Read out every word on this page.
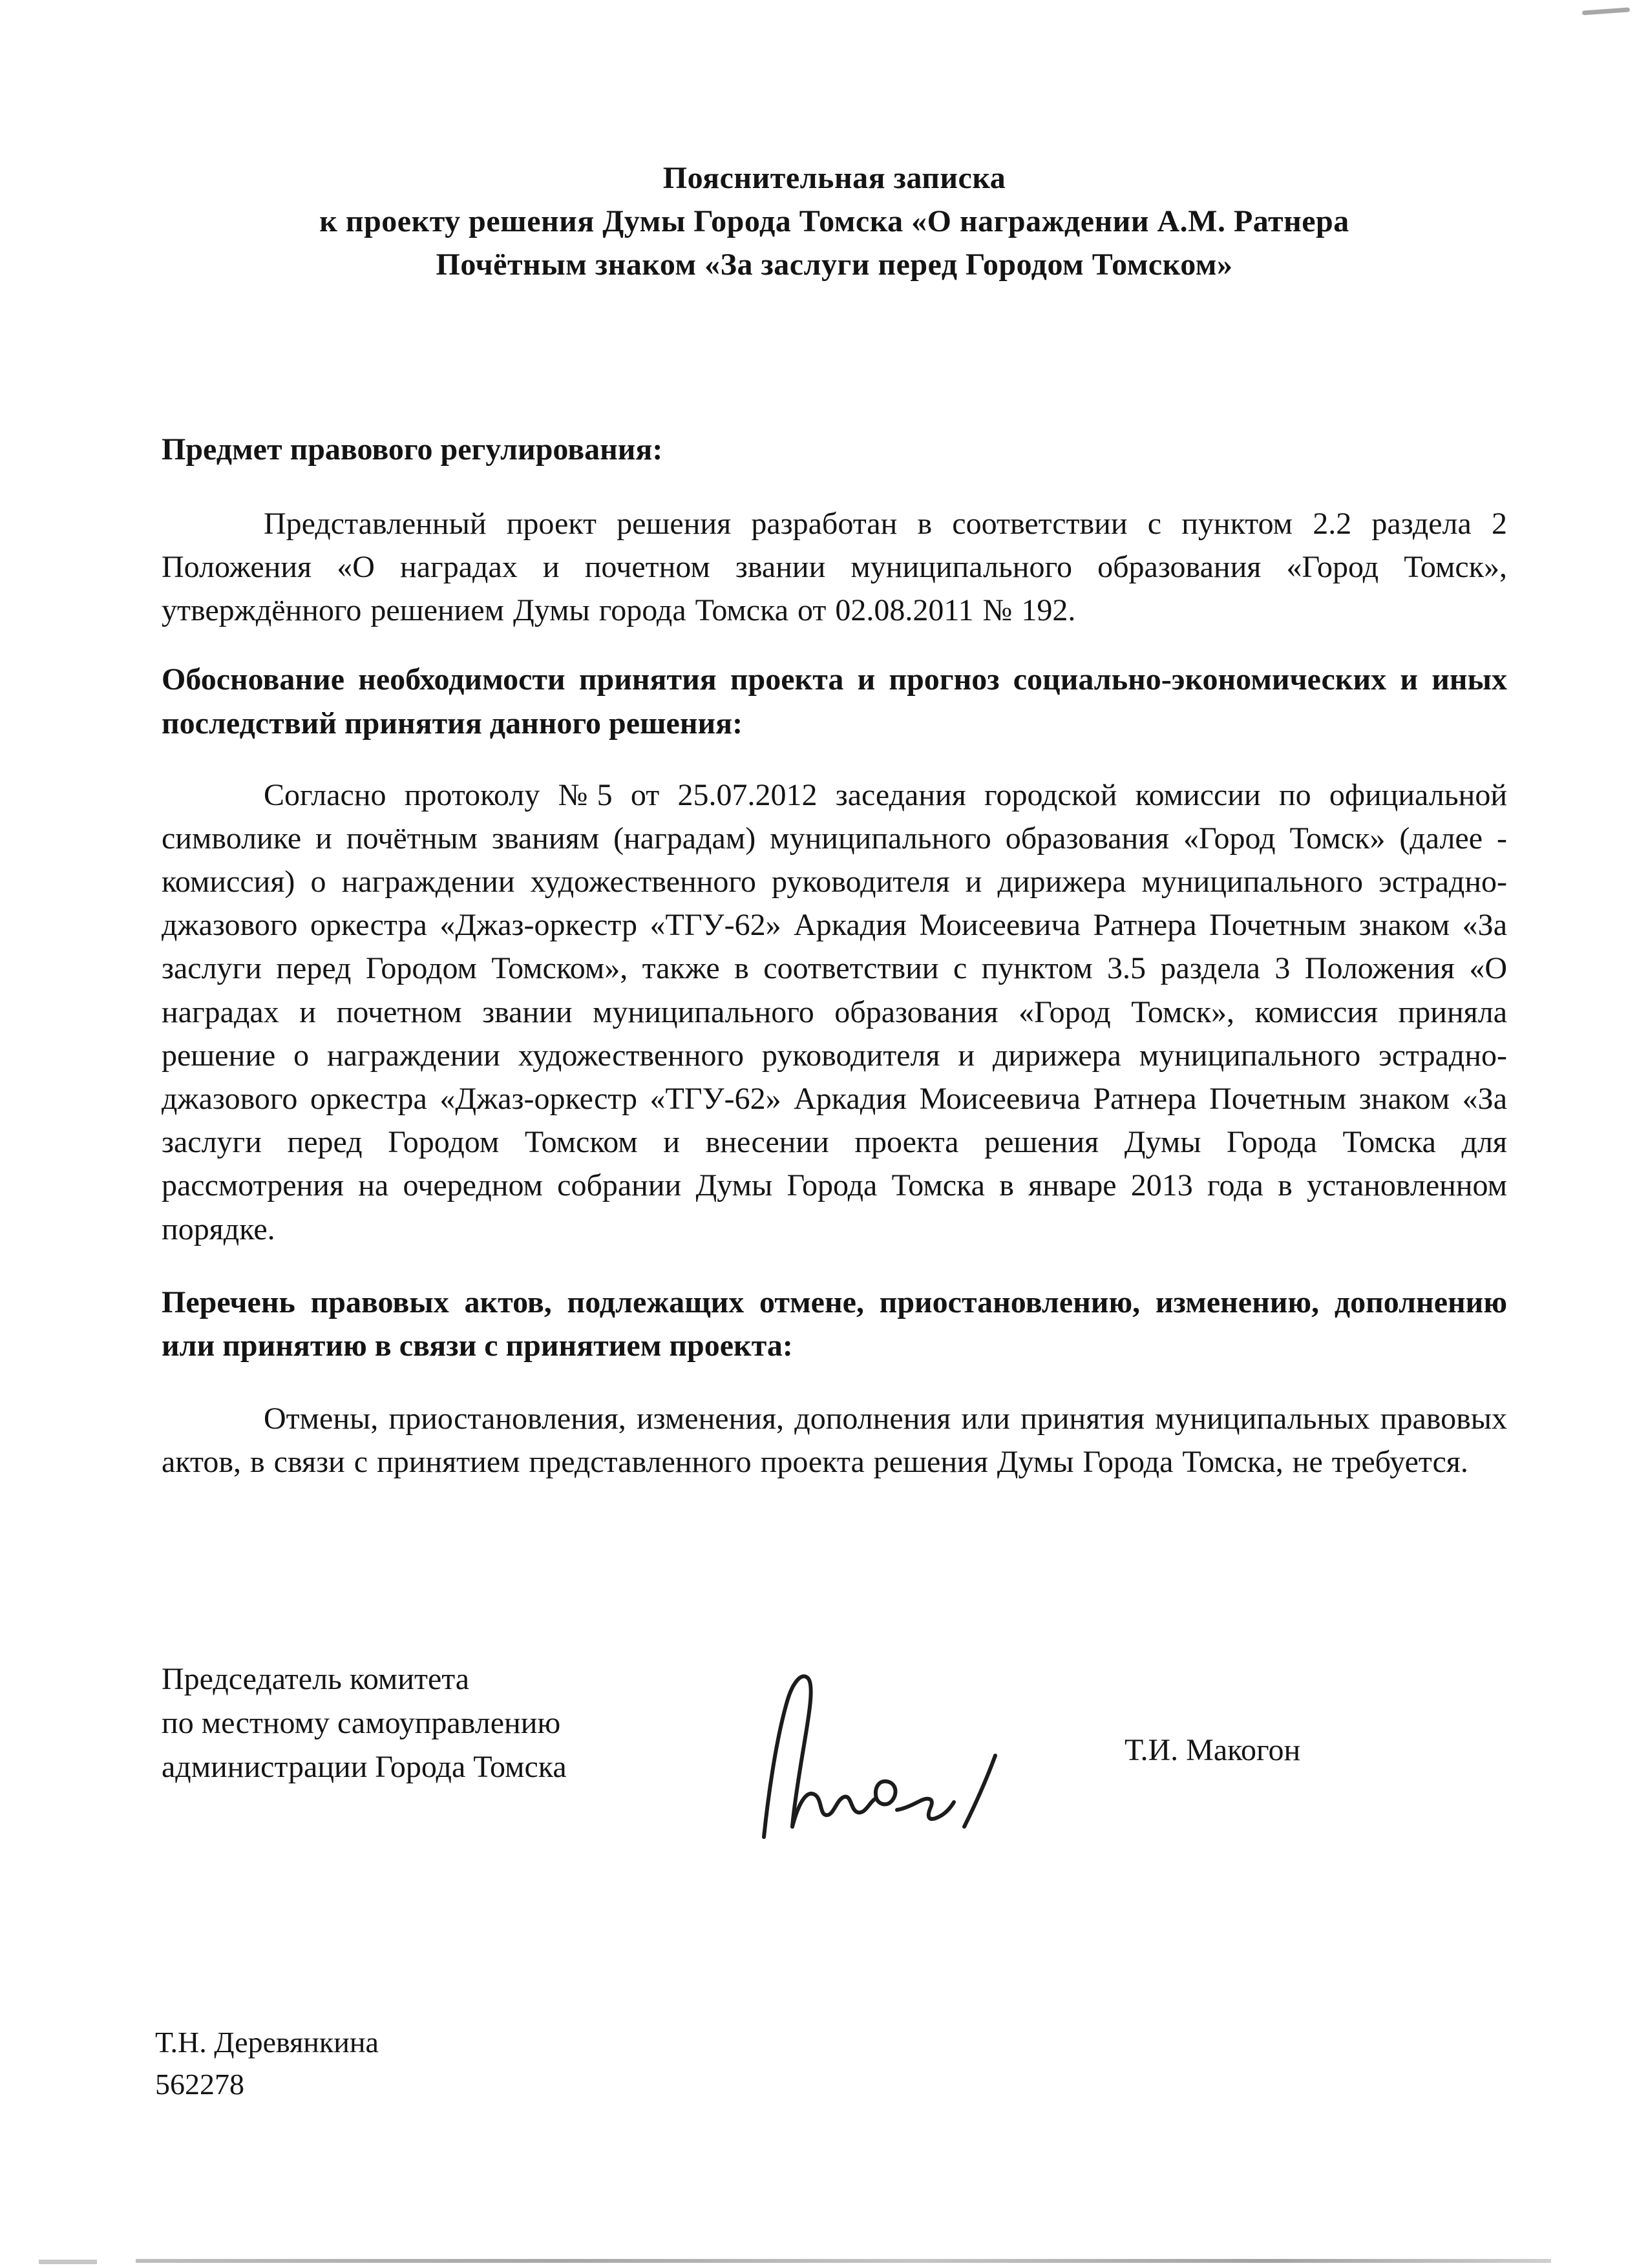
Пояснительная записка
к проекту решения Думы Города Томска «О награждении А.М. Ратнера
Почётным знаком «За заслуги перед Городом Томском»
Предмет правового регулирования:

Представленный проект решения разработан в соответствии с пунктом 2.2 раздела 2 Положения «О наградах и почетном звании муниципального образования «Город Томск», утверждённого решением Думы города Томска от 02.08.2011 № 192.

Обоснование необходимости принятия проекта и прогноз социально-экономических и иных последствий принятия данного решения:

Согласно протоколу №5 от 25.07.2012 заседания городской комиссии по официальной символике и почётным званиям (наградам) муниципального образования «Город Томск» (далее - комиссия) о награждении художественного руководителя и дирижера муниципального эстрадно-джазового оркестра «Джаз-оркестр «ТГУ-62» Аркадия Моисеевича Ратнера Почетным знаком «За заслуги перед Городом Томском», также в соответствии с пунктом 3.5 раздела 3 Положения «О наградах и почетном звании муниципального образования «Город Томск», комиссия приняла решение о награждении художественного руководителя и дирижера муниципального эстрадно-джазового оркестра «Джаз-оркестр «ТГУ-62» Аркадия Моисеевича Ратнера Почетным знаком «За заслуги перед Городом Томском и внесении проекта решения Думы Города Томска для рассмотрения на очередном собрании Думы Города Томска в январе 2013 года в установленном порядке.

Перечень правовых актов, подлежащих отмене, приостановлению, изменению, дополнению или принятию в связи с принятием проекта:

Отмены, приостановления, изменения, дополнения или принятия муниципальных правовых актов, в связи с принятием представленного проекта решения Думы Города Томска, не требуется.

Председатель комитета
по местному самоуправлению
администрации Города Томска	Т.И. Макогон
Т.Н. Деревянкина
562278
